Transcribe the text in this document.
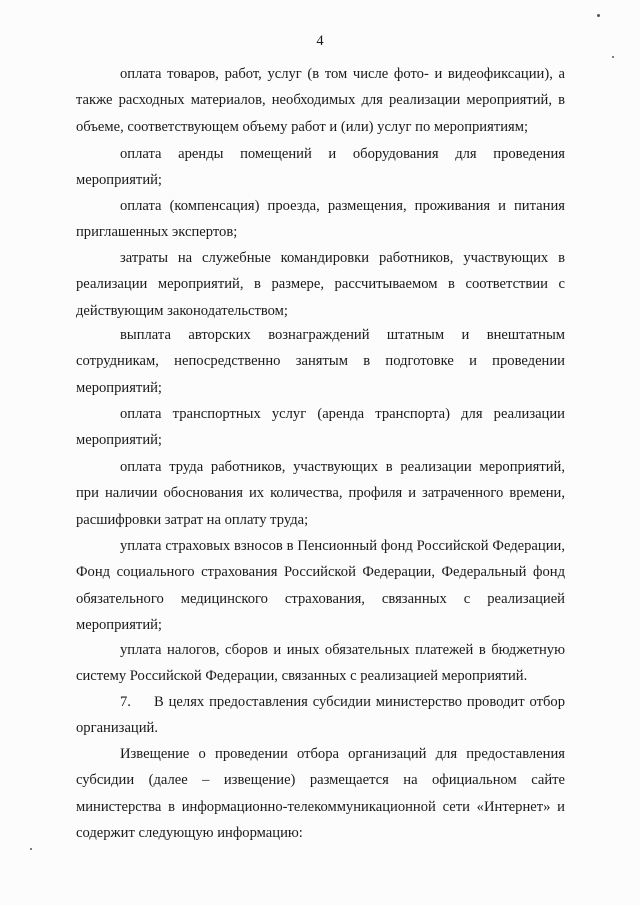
4

оплата товаров, работ, услуг (в том числе фото- и видеофиксации), а также расходных материалов, необходимых для реализации мероприятий, в объеме, соответствующем объему работ и (или) услуг по мероприятиям;

оплата аренды помещений и оборудования для проведения мероприятий;

оплата (компенсация) проезда, размещения, проживания и питания приглашенных экспертов;

затраты на служебные командировки работников, участвующих в реализации мероприятий, в размере, рассчитываемом в соответствии с действующим законодательством;

выплата авторских вознаграждений штатным и внештатным сотрудникам, непосредственно занятым в подготовке и проведении мероприятий;

оплата транспортных услуг (аренда транспорта) для реализации мероприятий;

оплата труда работников, участвующих в реализации мероприятий, при наличии обоснования их количества, профиля и затраченного времени, расшифровки затрат на оплату труда;

уплата страховых взносов в Пенсионный фонд Российской Федерации, Фонд социального страхования Российской Федерации, Федеральный фонд обязательного медицинского страхования, связанных с реализацией мероприятий;

уплата налогов, сборов и иных обязательных платежей в бюджетную систему Российской Федерации, связанных с реализацией мероприятий.

7. В целях предоставления субсидии министерство проводит отбор организаций.

Извещение о проведении отбора организаций для предоставления субсидии (далее – извещение) размещается на официальном сайте министерства в информационно-телекоммуникационной сети «Интернет» и содержит следующую информацию:
